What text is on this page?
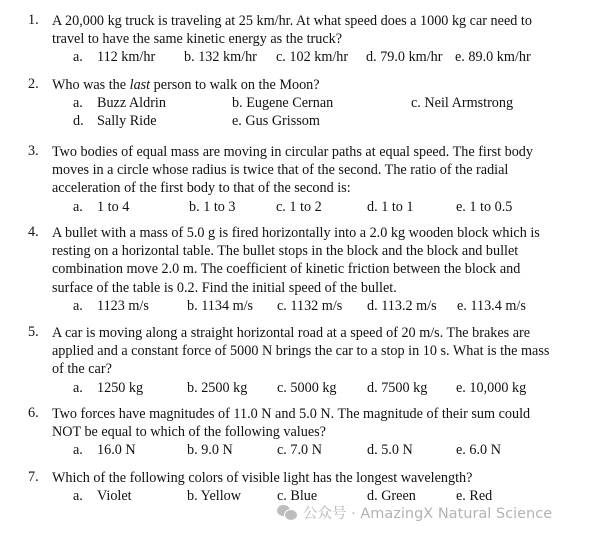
1. A 20,000 kg truck is traveling at 25 km/hr. At what speed does a 1000 kg car need to
travel to have the same kinetic energy as the truck?
a. 112 km/hr b. 132 km/hr c. 102 km/hr d. 79.0 km/hr e. 89.0 km/hr
2. Who was the last person to walk on the Moon?
a. Buzz Aldrin	b. Eugene Cernan	c. Neil Armstrong
d. Sally Ride	e. Gus Grissom
3. Two bodies of equal mass are moving in circular paths at equal speed. The first body
moves in a circle whose radius is twice that of the second. The ratio of the radial
acceleration of the first body to that of the second is:
a. 1 to 4	b. 1 to 3	c. 1 to 2	d. 1 to 1	e. 1 to 0.5
4. A bullet with a mass of 5.0 g is fired horizontally into a 2.0 kg wooden block which is
resting on a horizontal table. The bullet stops in the block and the block and bullet
combination move 2.0 m. The coefficient of kinetic friction between the block and
surface of the table is 0.2. Find the initial speed of the bullet.
a. 1123 m/s	b. 1134 m/s c. 1132 m/s d. 113.2 m/s e. 113.4 m/s
5. A car is moving along a straight horizontal road at a speed of 20 m/s. The brakes are
applied and a constant force of 5000 N brings the car to a stop in 10 s. What is the mass
of the car?
a. 1250 kg	b. 2500 kg c. 5000 kg d. 7500 kg e. 10,000 kg
6. Two forces have magnitudes of 11.0 N and 5.0 N. The magnitude of their sum could
NOT be equal to which of the following values?
a. 16.0 N	b. 9.0 N	c. 7.0 N	d. 5.0 N	e. 6.0 N
7. Which of the following colors of visible light has the longest wavelength?
a. Violet	b. Yellow	c. Blue	d. Green	e. Red
公众号 · AmazingX Natural Science
